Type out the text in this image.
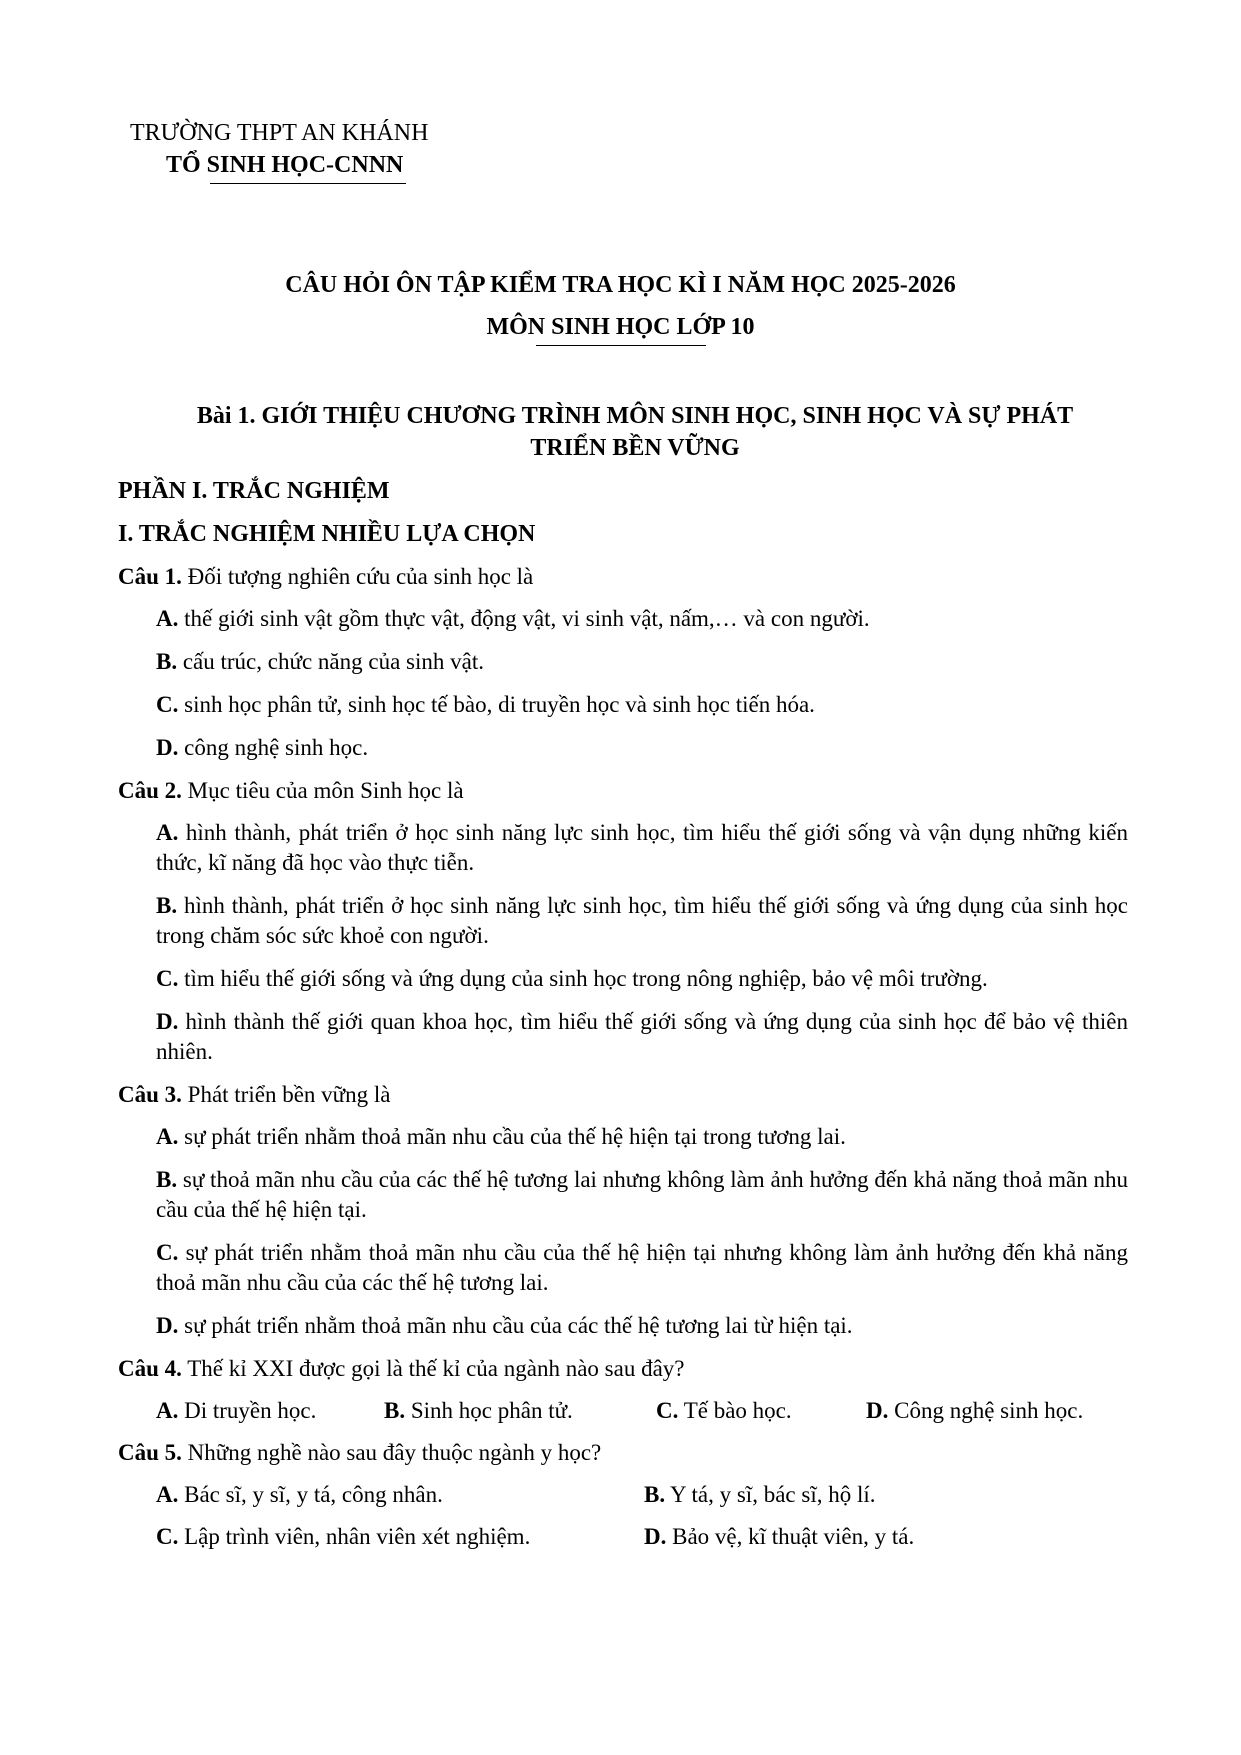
TRƯỜNG THPT AN KHÁNH
TỔ SINH HỌC-CNNN
CÂU HỎI ÔN TẬP KIỂM TRA HỌC KÌ I NĂM HỌC 2025-2026
MÔN SINH HỌC LỚP 10
Bài 1. GIỚI THIỆU CHƯƠNG TRÌNH MÔN SINH HỌC, SINH HỌC VÀ SỰ PHÁT TRIỂN BỀN VỮNG
PHẦN I. TRẮC NGHIỆM
I. TRẮC NGHIỆM NHIỀU LỰA CHỌN
Câu 1. Đối tượng nghiên cứu của sinh học là
A. thế giới sinh vật gồm thực vật, động vật, vi sinh vật, nấm,… và con người.
B. cấu trúc, chức năng của sinh vật.
C. sinh học phân tử, sinh học tế bào, di truyền học và sinh học tiến hóa.
D. công nghệ sinh học.
Câu 2. Mục tiêu của môn Sinh học là
A. hình thành, phát triển ở học sinh năng lực sinh học, tìm hiểu thế giới sống và vận dụng những kiến thức, kĩ năng đã học vào thực tiễn.
B. hình thành, phát triển ở học sinh năng lực sinh học, tìm hiểu thế giới sống và ứng dụng của sinh học trong chăm sóc sức khoẻ con người.
C. tìm hiểu thế giới sống và ứng dụng của sinh học trong nông nghiệp, bảo vệ môi trường.
D. hình thành thế giới quan khoa học, tìm hiểu thế giới sống và ứng dụng của sinh học để bảo vệ thiên nhiên.
Câu 3. Phát triển bền vững là
A. sự phát triển nhằm thoả mãn nhu cầu của thế hệ hiện tại trong tương lai.
B. sự thoả mãn nhu cầu của các thế hệ tương lai nhưng không làm ảnh hưởng đến khả năng thoả mãn nhu cầu của thế hệ hiện tại.
C. sự phát triển nhằm thoả mãn nhu cầu của thế hệ hiện tại nhưng không làm ảnh hưởng đến khả năng thoả mãn nhu cầu của các thế hệ tương lai.
D. sự phát triển nhằm thoả mãn nhu cầu của các thế hệ tương lai từ hiện tại.
Câu 4. Thế kỉ XXI được gọi là thế kỉ của ngành nào sau đây?
A. Di truyền học.	B. Sinh học phân tử.	C. Tế bào học.	D. Công nghệ sinh học.
Câu 5. Những nghề nào sau đây thuộc ngành y học?
A. Bác sĩ, y sĩ, y tá, công nhân.	B. Y tá, y sĩ, bác sĩ, hộ lí.
C. Lập trình viên, nhân viên xét nghiệm.	D. Bảo vệ, kĩ thuật viên, y tá.
